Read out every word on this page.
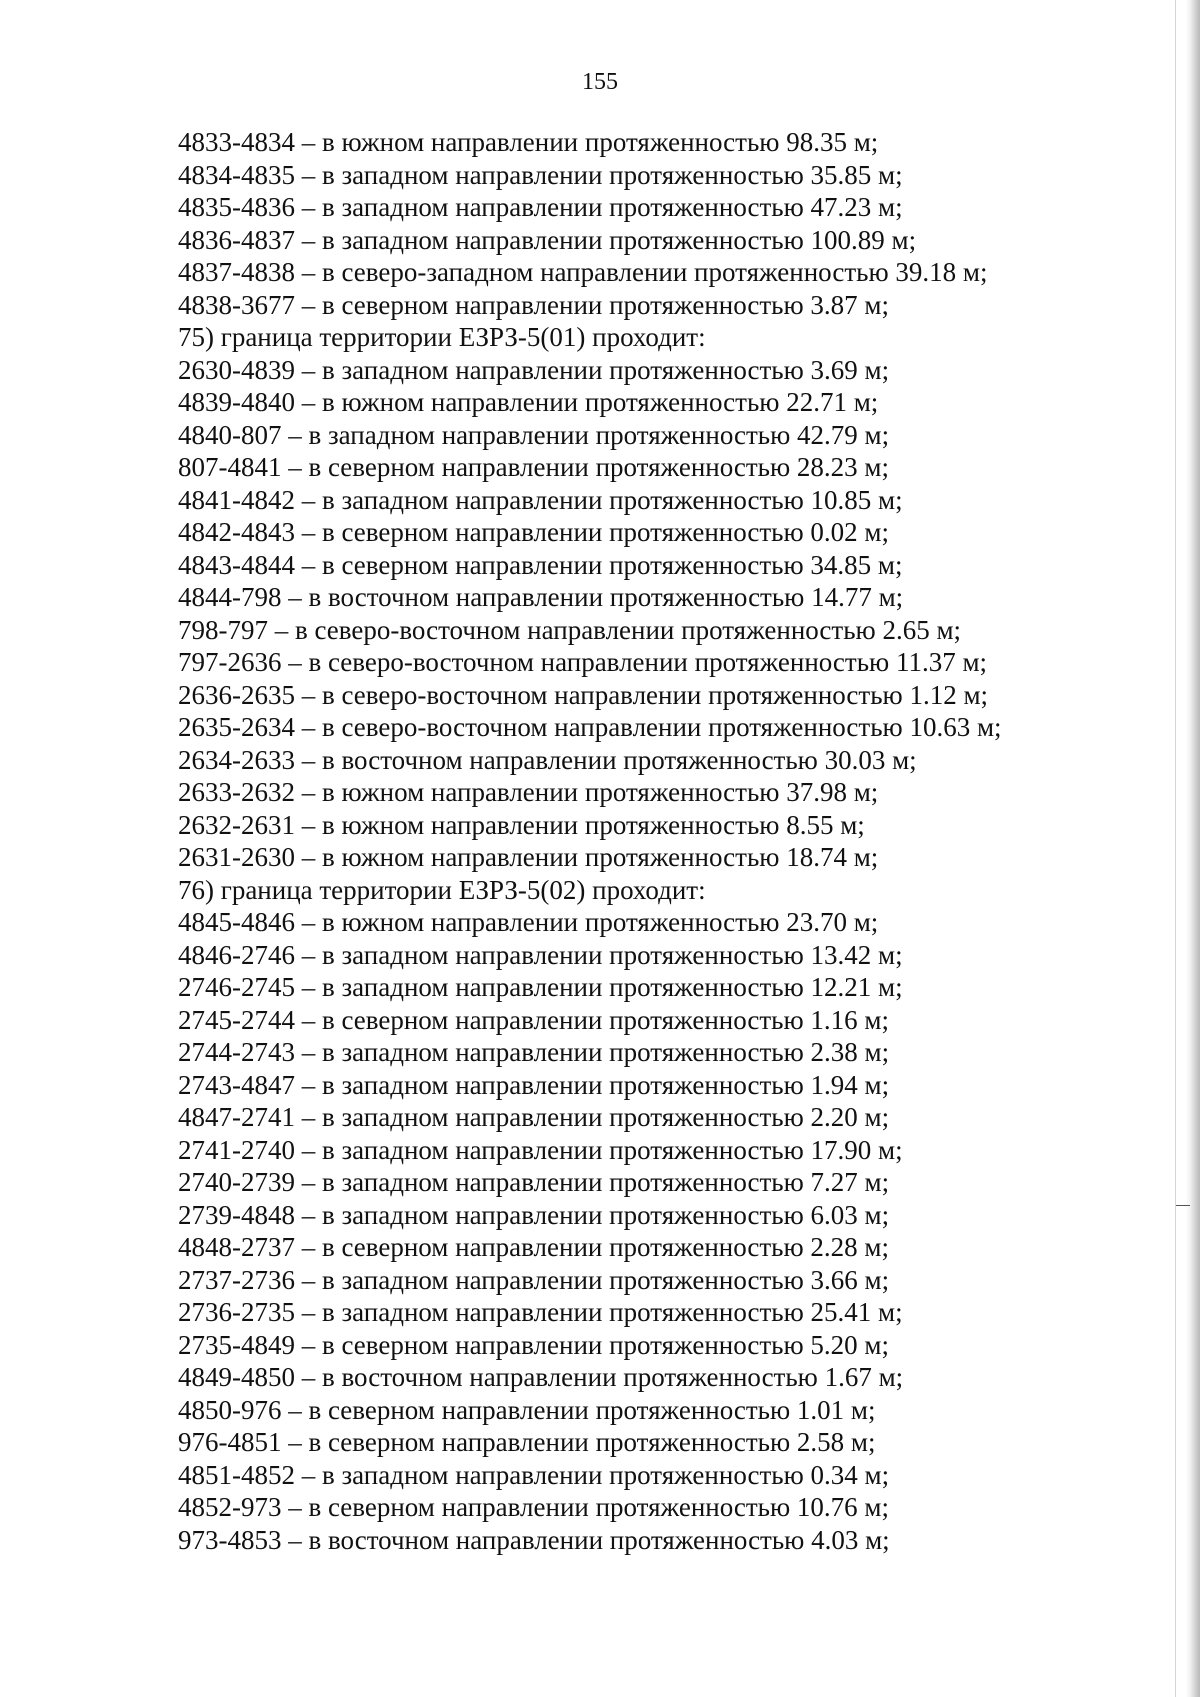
155
4833-4834 – в южном направлении протяженностью 98.35 м;
4834-4835 – в западном направлении протяженностью 35.85 м;
4835-4836 – в западном направлении протяженностью 47.23 м;
4836-4837 – в западном направлении протяженностью 100.89 м;
4837-4838 – в северо-западном направлении протяженностью 39.18 м;
4838-3677 – в северном направлении протяженностью 3.87 м;
75) граница территории ЕЗРЗ-5(01) проходит:
2630-4839 – в западном направлении протяженностью 3.69 м;
4839-4840 – в южном направлении протяженностью 22.71 м;
4840-807 – в западном направлении протяженностью 42.79 м;
807-4841 – в северном направлении протяженностью 28.23 м;
4841-4842 – в западном направлении протяженностью 10.85 м;
4842-4843 – в северном направлении протяженностью 0.02 м;
4843-4844 – в северном направлении протяженностью 34.85 м;
4844-798 – в восточном направлении протяженностью 14.77 м;
798-797 – в северо-восточном направлении протяженностью 2.65 м;
797-2636 – в северо-восточном направлении протяженностью 11.37 м;
2636-2635 – в северо-восточном направлении протяженностью 1.12 м;
2635-2634 – в северо-восточном направлении протяженностью 10.63 м;
2634-2633 – в восточном направлении протяженностью 30.03 м;
2633-2632 – в южном направлении протяженностью 37.98 м;
2632-2631 – в южном направлении протяженностью 8.55 м;
2631-2630 – в южном направлении протяженностью 18.74 м;
76) граница территории ЕЗРЗ-5(02) проходит:
4845-4846 – в южном направлении протяженностью 23.70 м;
4846-2746 – в западном направлении протяженностью 13.42 м;
2746-2745 – в западном направлении протяженностью 12.21 м;
2745-2744 – в северном направлении протяженностью 1.16 м;
2744-2743 – в западном направлении протяженностью 2.38 м;
2743-4847 – в западном направлении протяженностью 1.94 м;
4847-2741 – в западном направлении протяженностью 2.20 м;
2741-2740 – в западном направлении протяженностью 17.90 м;
2740-2739 – в западном направлении протяженностью 7.27 м;
2739-4848 – в западном направлении протяженностью 6.03 м;
4848-2737 – в северном направлении протяженностью 2.28 м;
2737-2736 – в западном направлении протяженностью 3.66 м;
2736-2735 – в западном направлении протяженностью 25.41 м;
2735-4849 – в северном направлении протяженностью 5.20 м;
4849-4850 – в восточном направлении протяженностью 1.67 м;
4850-976 – в северном направлении протяженностью 1.01 м;
976-4851 – в северном направлении протяженностью 2.58 м;
4851-4852 – в западном направлении протяженностью 0.34 м;
4852-973 – в северном направлении протяженностью 10.76 м;
973-4853 – в восточном направлении протяженностью 4.03 м;
